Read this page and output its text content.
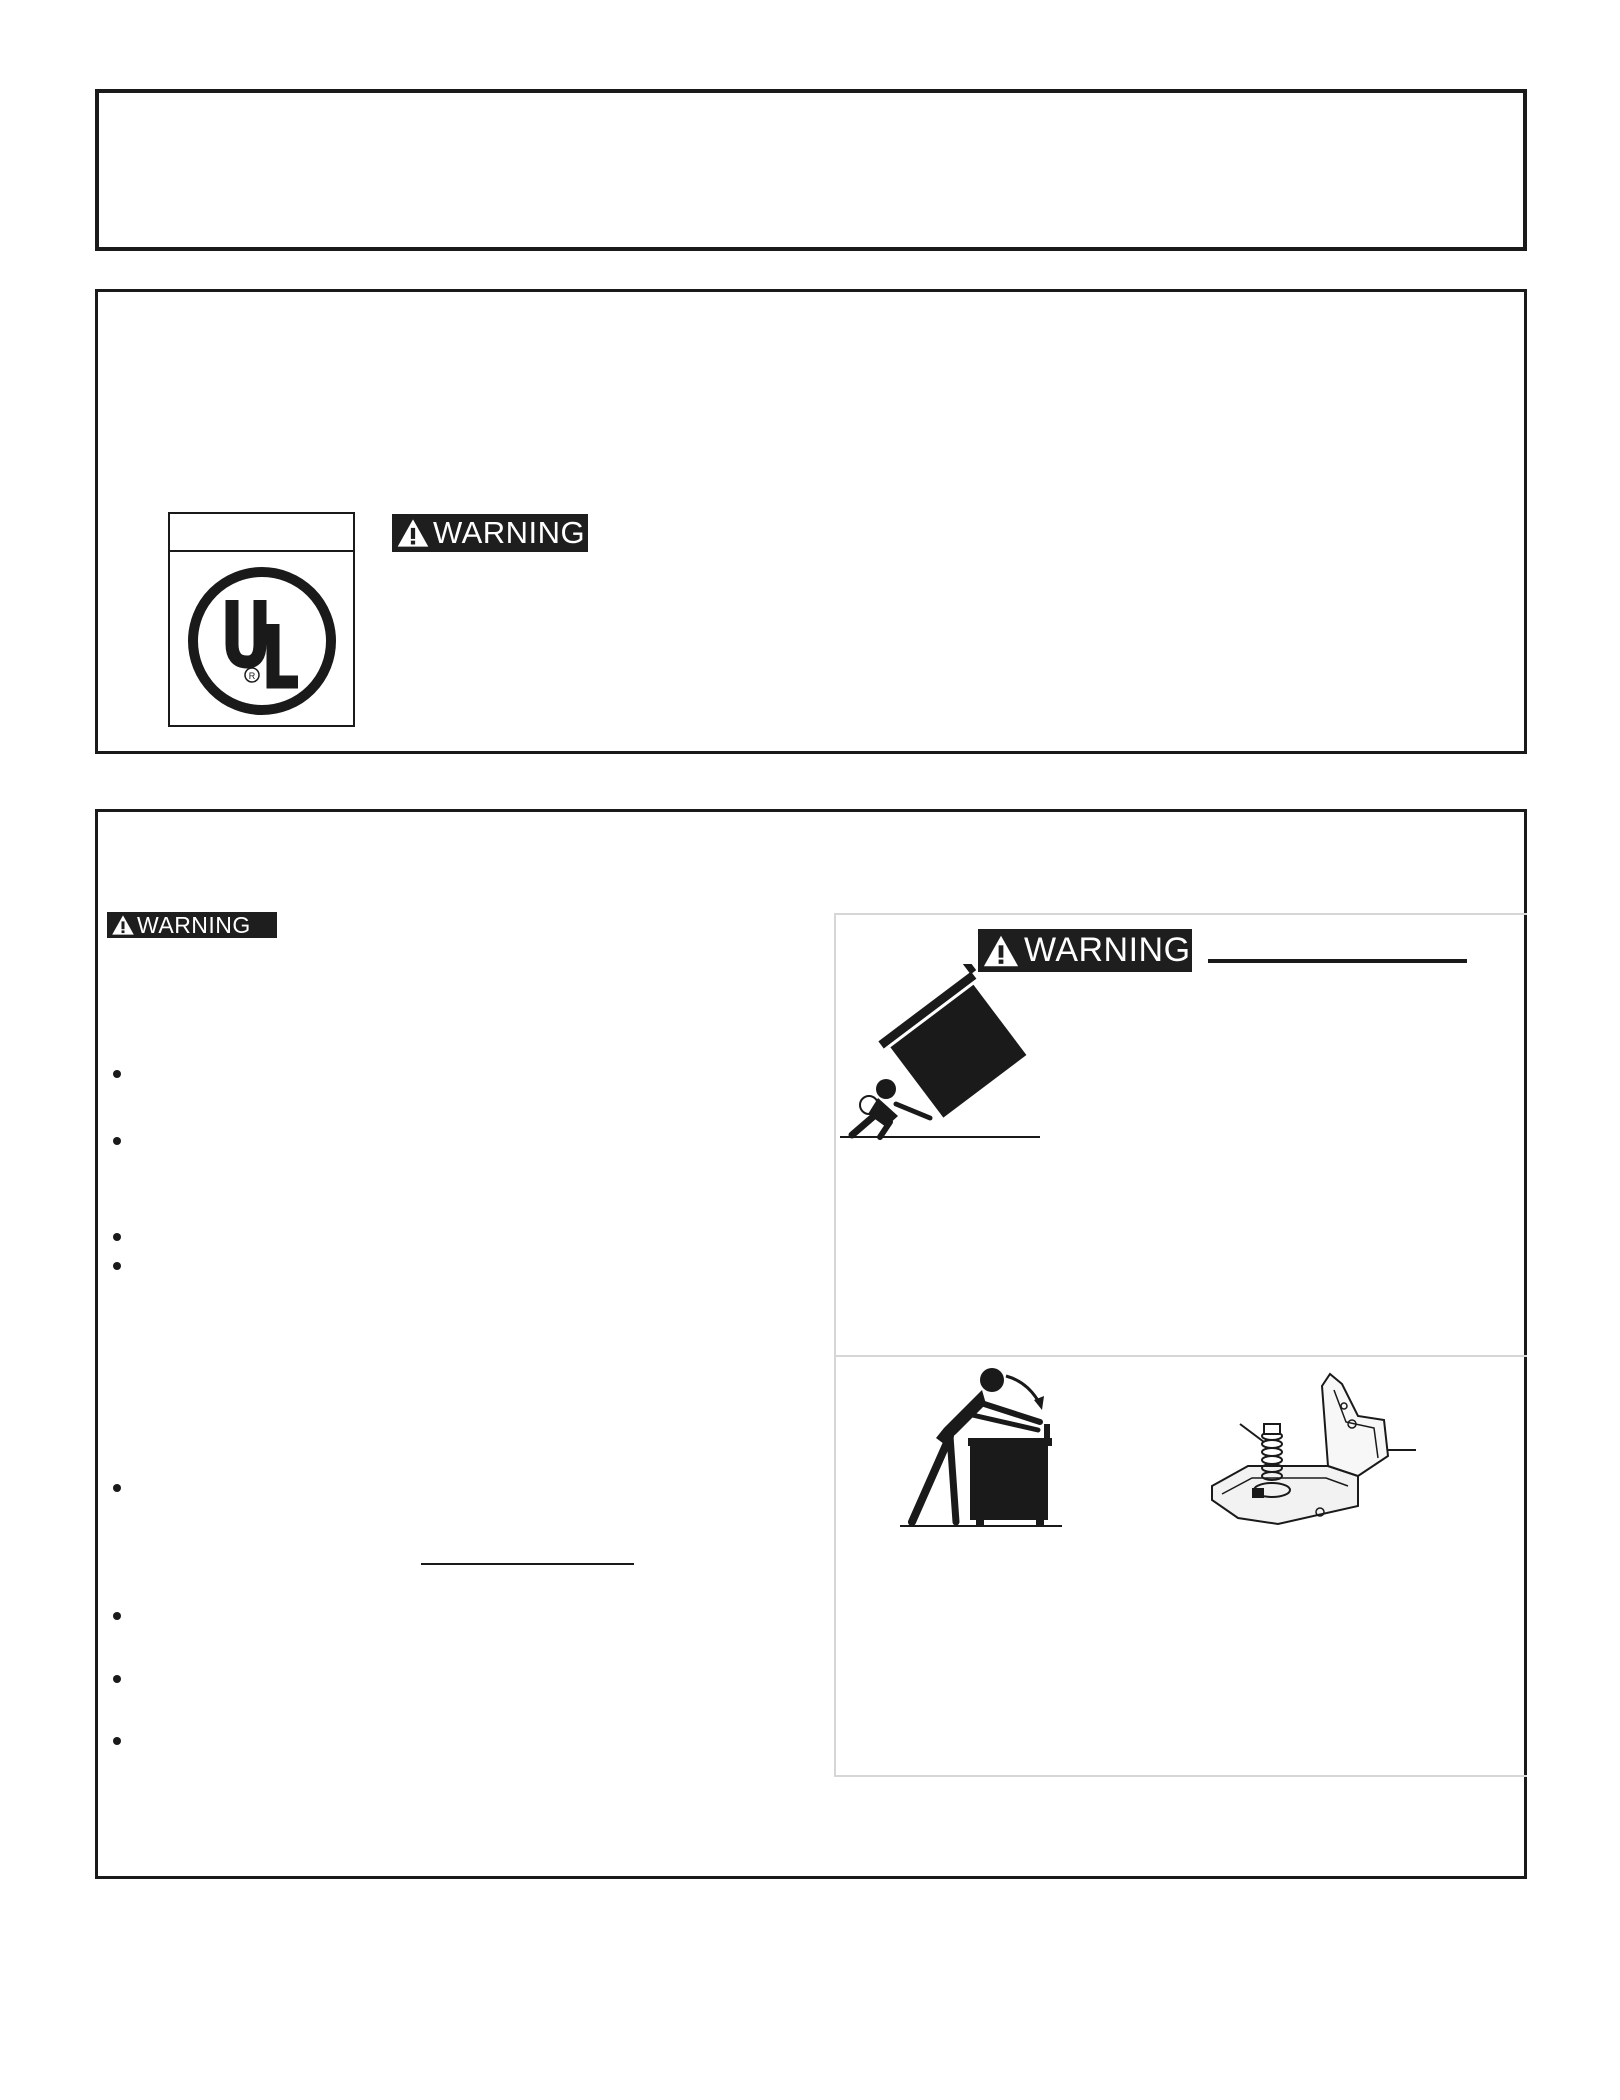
R
WARNING
WARNING
WARNING
